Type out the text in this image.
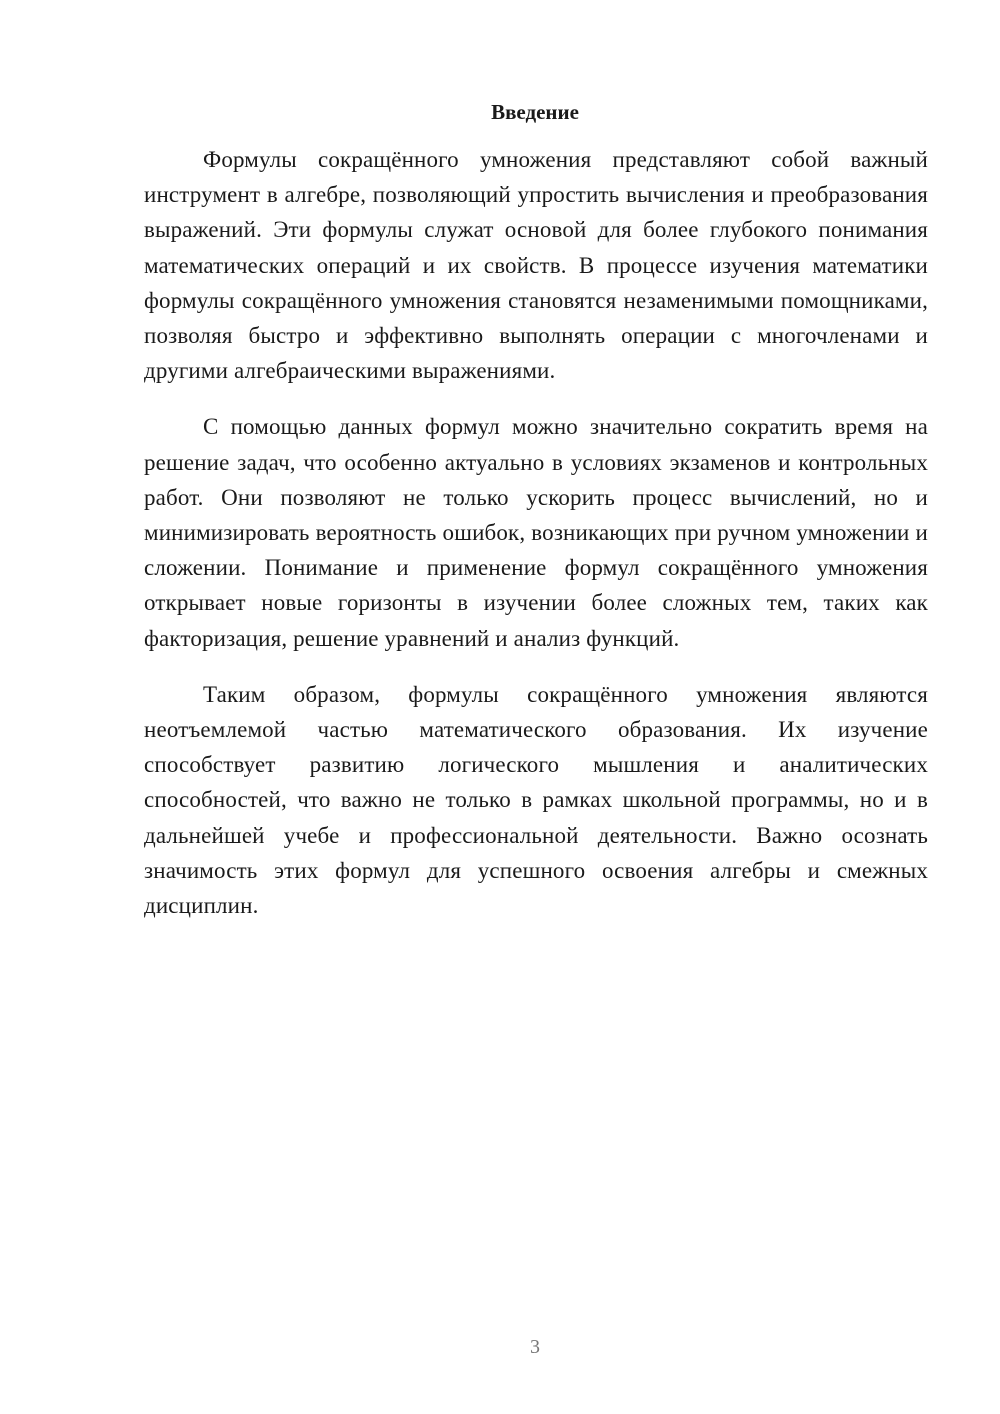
Введение

Формулы сокращённого умножения представляют собой важный инструмент в алгебре, позволяющий упростить вычисления и преобразования выражений. Эти формулы служат основой для более глубокого понимания математических операций и их свойств. В процессе изучения математики формулы сокращённого умножения становятся незаменимыми помощниками, позволяя быстро и эффективно выполнять операции с многочленами и другими алгебраическими выражениями.

С помощью данных формул можно значительно сократить время на решение задач, что особенно актуально в условиях экзаменов и контрольных работ. Они позволяют не только ускорить процесс вычислений, но и минимизировать вероятность ошибок, возникающих при ручном умножении и сложении. Понимание и применение формул сокращённого умножения открывает новые горизонты в изучении более сложных тем, таких как факторизация, решение уравнений и анализ функций.

Таким образом, формулы сокращённого умножения являются неотъемлемой частью математического образования. Их изучение способствует развитию логического мышления и аналитических способностей, что важно не только в рамках школьной программы, но и в дальнейшей учебе и профессиональной деятельности. Важно осознать значимость этих формул для успешного освоения алгебры и смежных дисциплин.

3
